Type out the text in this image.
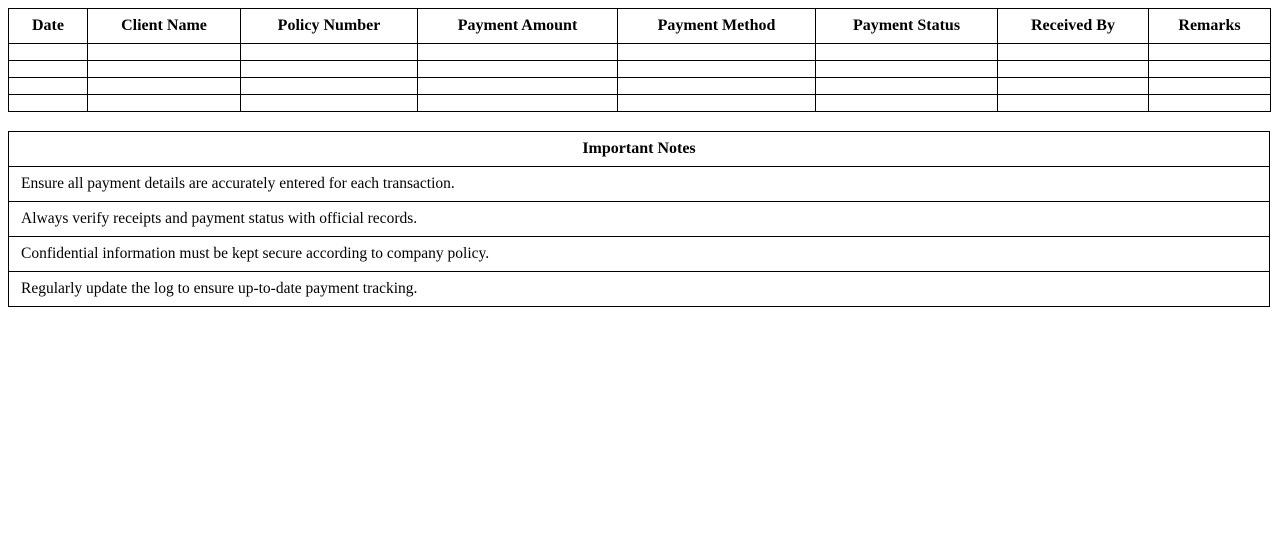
Date	Client Name	Policy Number	Payment Amount	Payment Method	Payment Status	Received By	Remarks

Important Notes
Ensure all payment details are accurately entered for each transaction.
Always verify receipts and payment status with official records.
Confidential information must be kept secure according to company policy.
Regularly update the log to ensure up-to-date payment tracking.
